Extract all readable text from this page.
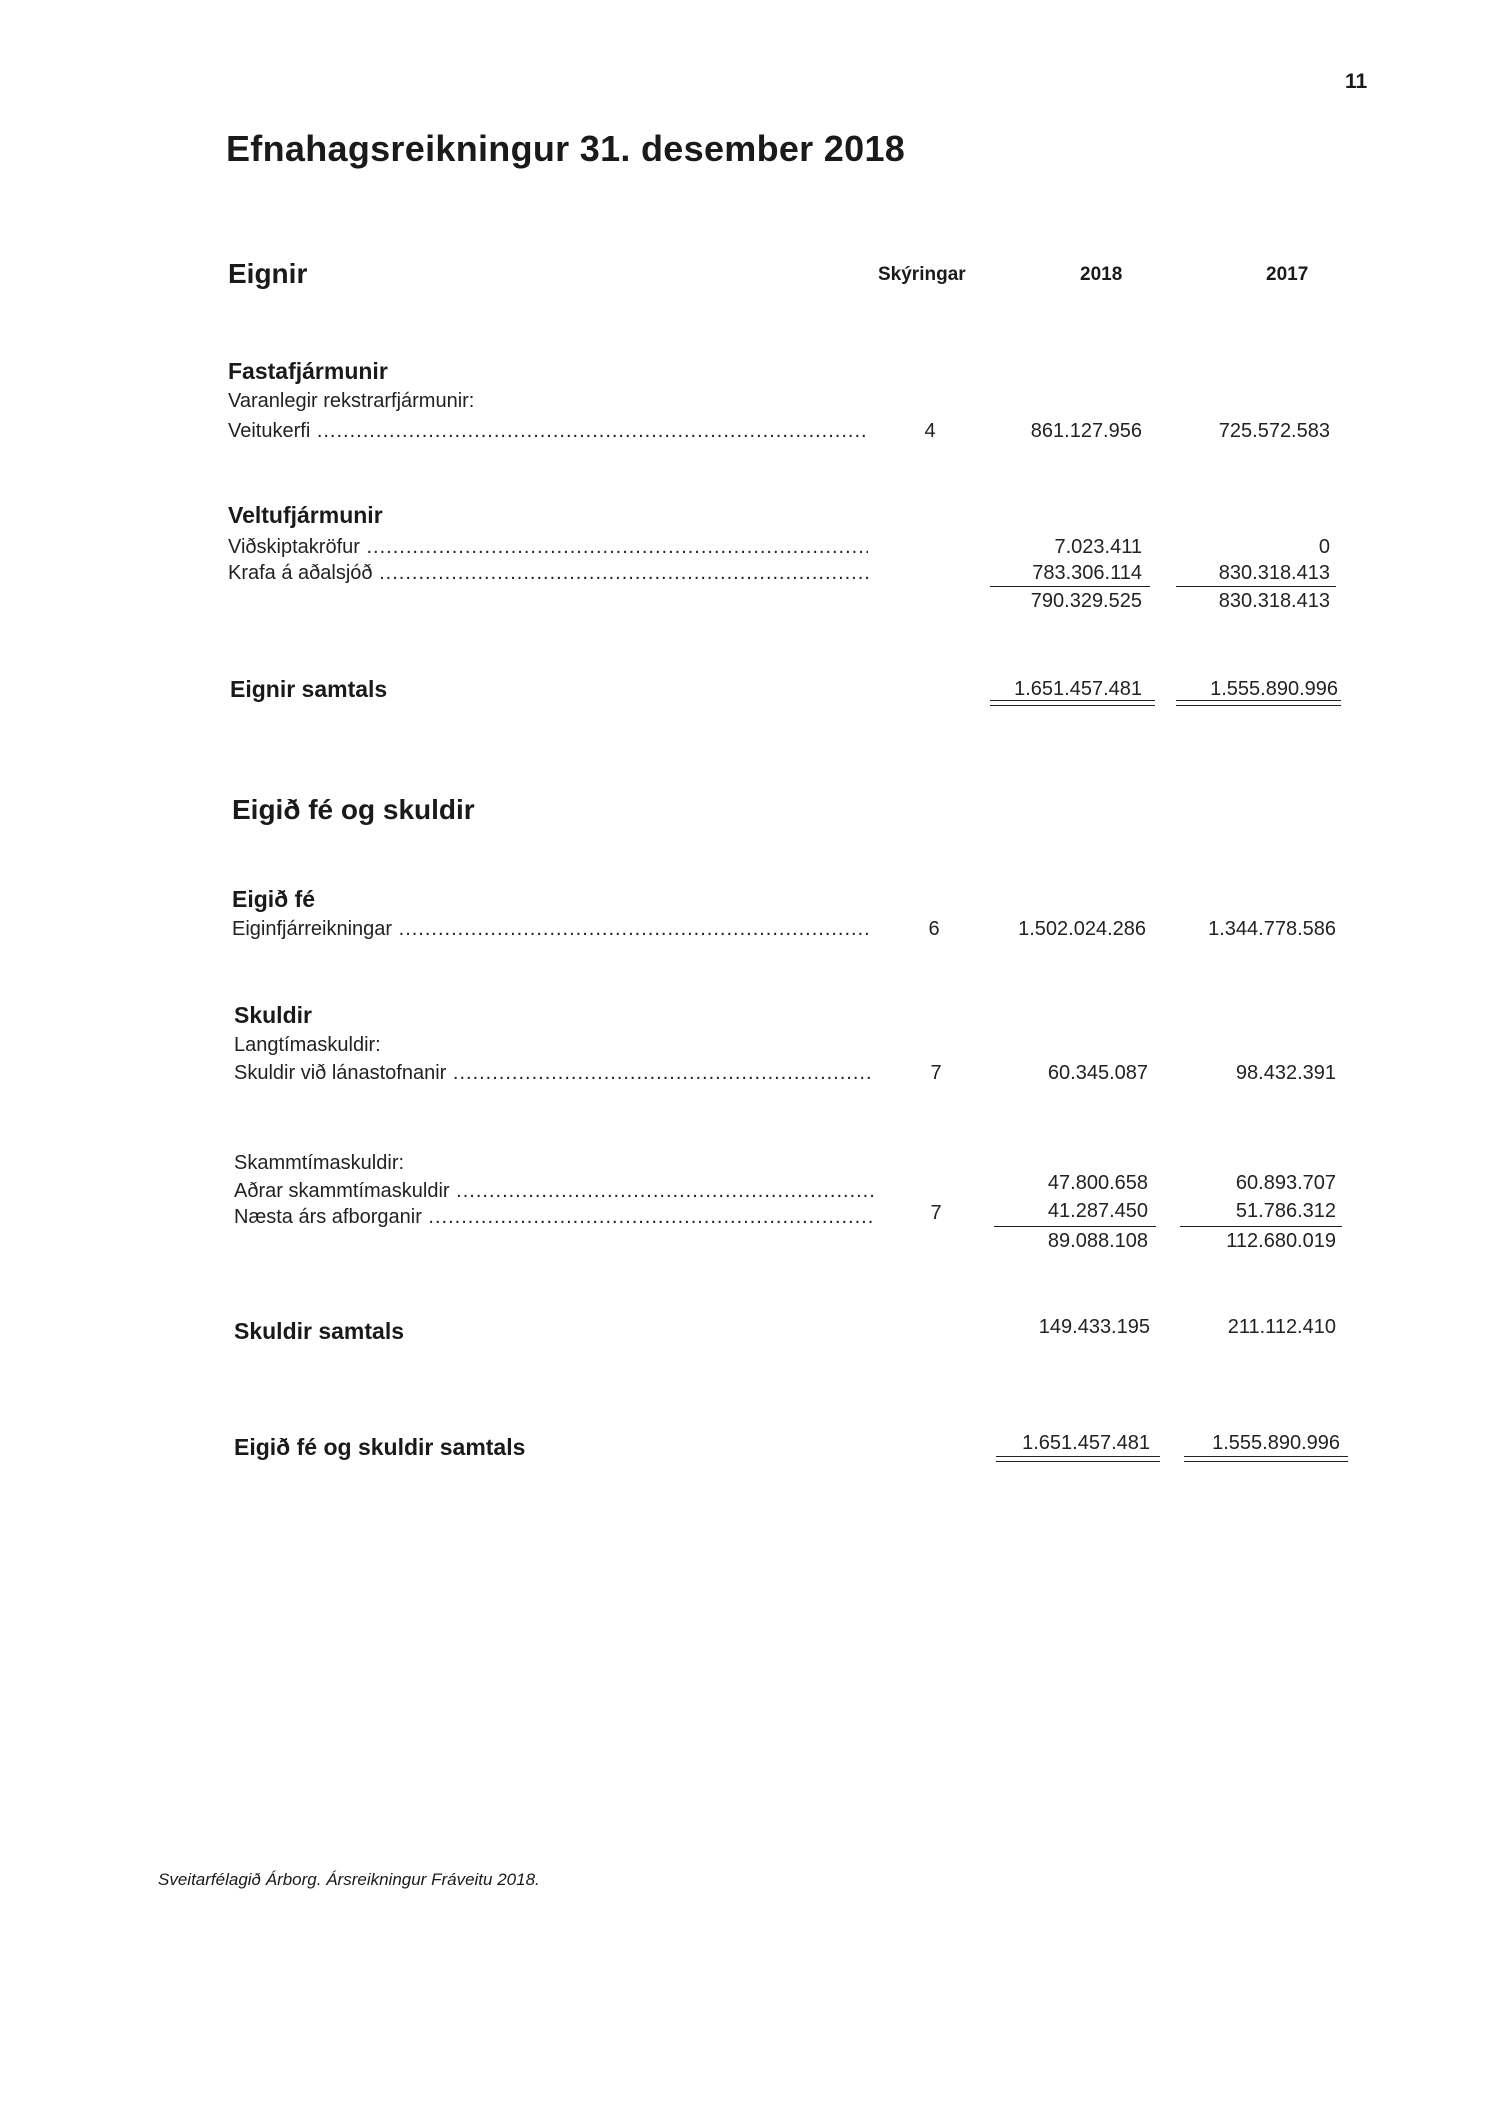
11
Efnahagsreikningur 31. desember 2018
Eignir	Skýringar	2018	2017
Fastafjármunir
Varanlegir rekstrarfjármunir:
Veitukerfi .....	4	861.127.956	725.572.583
Veltufjármunir
Viðskiptakröfur .....	7.023.411	0
Krafa á aðalsjóð .....	783.306.114	830.318.413
790.329.525	830.318.413
Eignir samtals	1.651.457.481	1.555.890.996
Eigið fé og skuldir
Eigið fé
Eiginfjárreikningar .....	6	1.502.024.286	1.344.778.586
Skuldir
Langtímaskuldir:
Skuldir við lánastofnanir .....	7	60.345.087	98.432.391
Skammtímaskuldir:
Aðrar skammtímaskuldir .....	47.800.658	60.893.707
Næsta árs afborganir .....	7	41.287.450	51.786.312
89.088.108	112.680.019
Skuldir samtals	149.433.195	211.112.410
Eigið fé og skuldir samtals	1.651.457.481	1.555.890.996
Sveitarfélagið Árborg. Ársreikningur Fráveitu 2018.
